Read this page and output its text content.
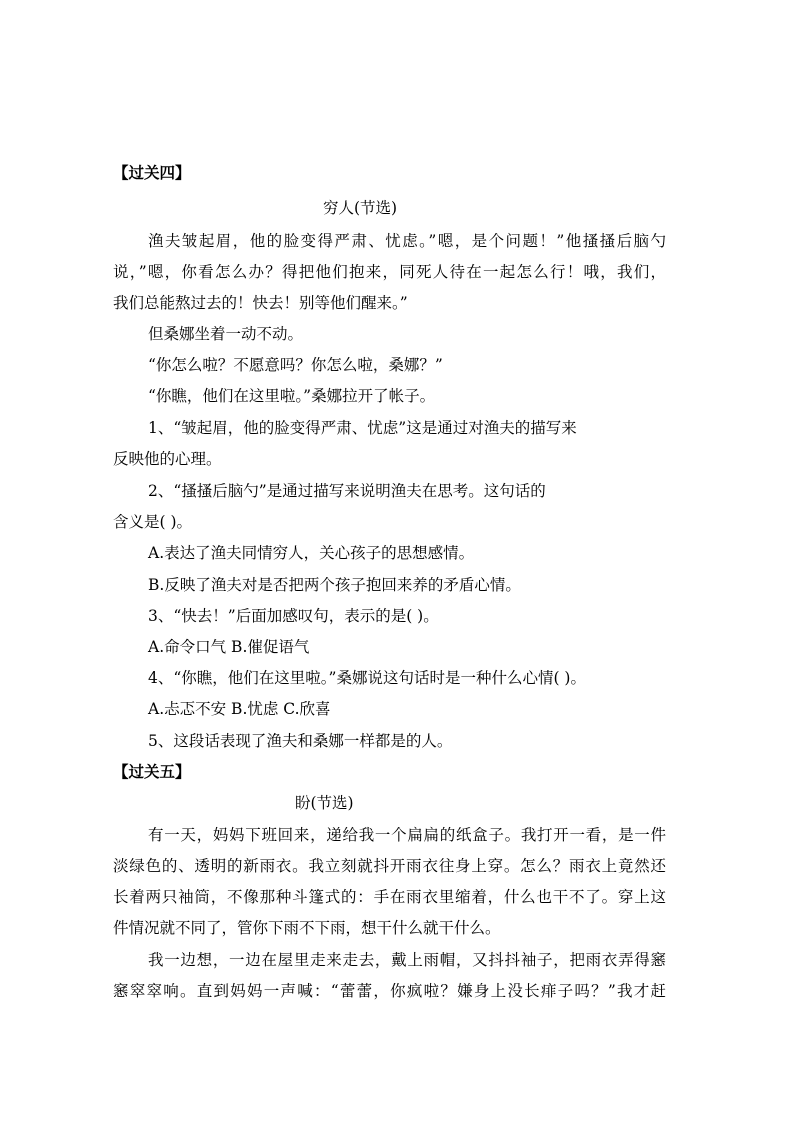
【过关四】
穷人(节选)
渔夫皱起眉，他的脸变得严肃、忧虑。”嗯，是个问题！”他搔搔后脑勺
说，”嗯，你看怎么办？得把他们抱来，同死人待在一起怎么行！哦，我们，
我们总能熬过去的！快去！别等他们醒来。”
但桑娜坐着一动不动。
“你怎么啦？不愿意吗？你怎么啦，桑娜？”
“你瞧，他们在这里啦。”桑娜拉开了帐子。
1、“皱起眉，他的脸变得严肃、忧虑”这是通过对渔夫的描写来
反映他的心理。
2、“搔搔后脑勺”是通过描写来说明渔夫在思考。这句话的
含义是( )。
A.表达了渔夫同情穷人，关心孩子的思想感情。
B.反映了渔夫对是否把两个孩子抱回来养的矛盾心情。
3、“快去！”后面加感叹句，表示的是( )。
A.命令口气 B.催促语气
4、“你瞧，他们在这里啦。”桑娜说这句话时是一种什么心情( )。
A.忐忑不安 B.忧虑 C.欣喜
5、这段话表现了渔夫和桑娜一样都是的人。
【过关五】
盼(节选)
有一天，妈妈下班回来，递给我一个扁扁的纸盒子。我打开一看，是一件
淡绿色的、透明的新雨衣。我立刻就抖开雨衣往身上穿。怎么？雨衣上竟然还
长着两只袖筒，不像那种斗篷式的：手在雨衣里缩着，什么也干不了。穿上这
件情况就不同了，管你下雨不下雨，想干什么就干什么。
我一边想，一边在屋里走来走去，戴上雨帽，又抖抖袖子，把雨衣弄得窸
窸窣窣响。直到妈妈一声喊：“蕾蕾，你疯啦？嫌身上没长痱子吗？”我才赶
